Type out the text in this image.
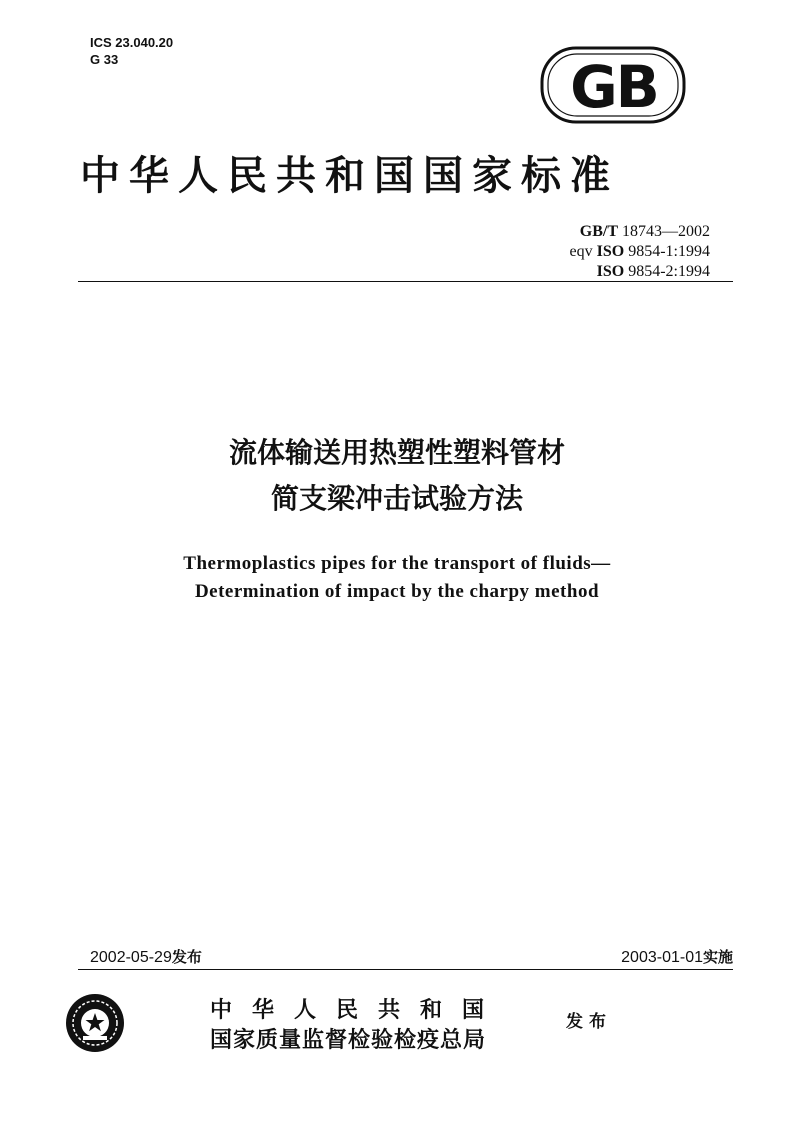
ICS 23.040.20
G 33	GB
中华人民共和国国家标准
GB/T 18743—2002
eqv ISO 9854-1:1994
ISO 9854-2:1994
流体输送用热塑性塑料管材
简支梁冲击试验方法
Thermoplastics pipes for the transport of fluids—
Determination of impact by the charpy method
2002-05-29发布	2003-01-01实施
中华人民共和国
国家质量监督检验检疫总局
发布
